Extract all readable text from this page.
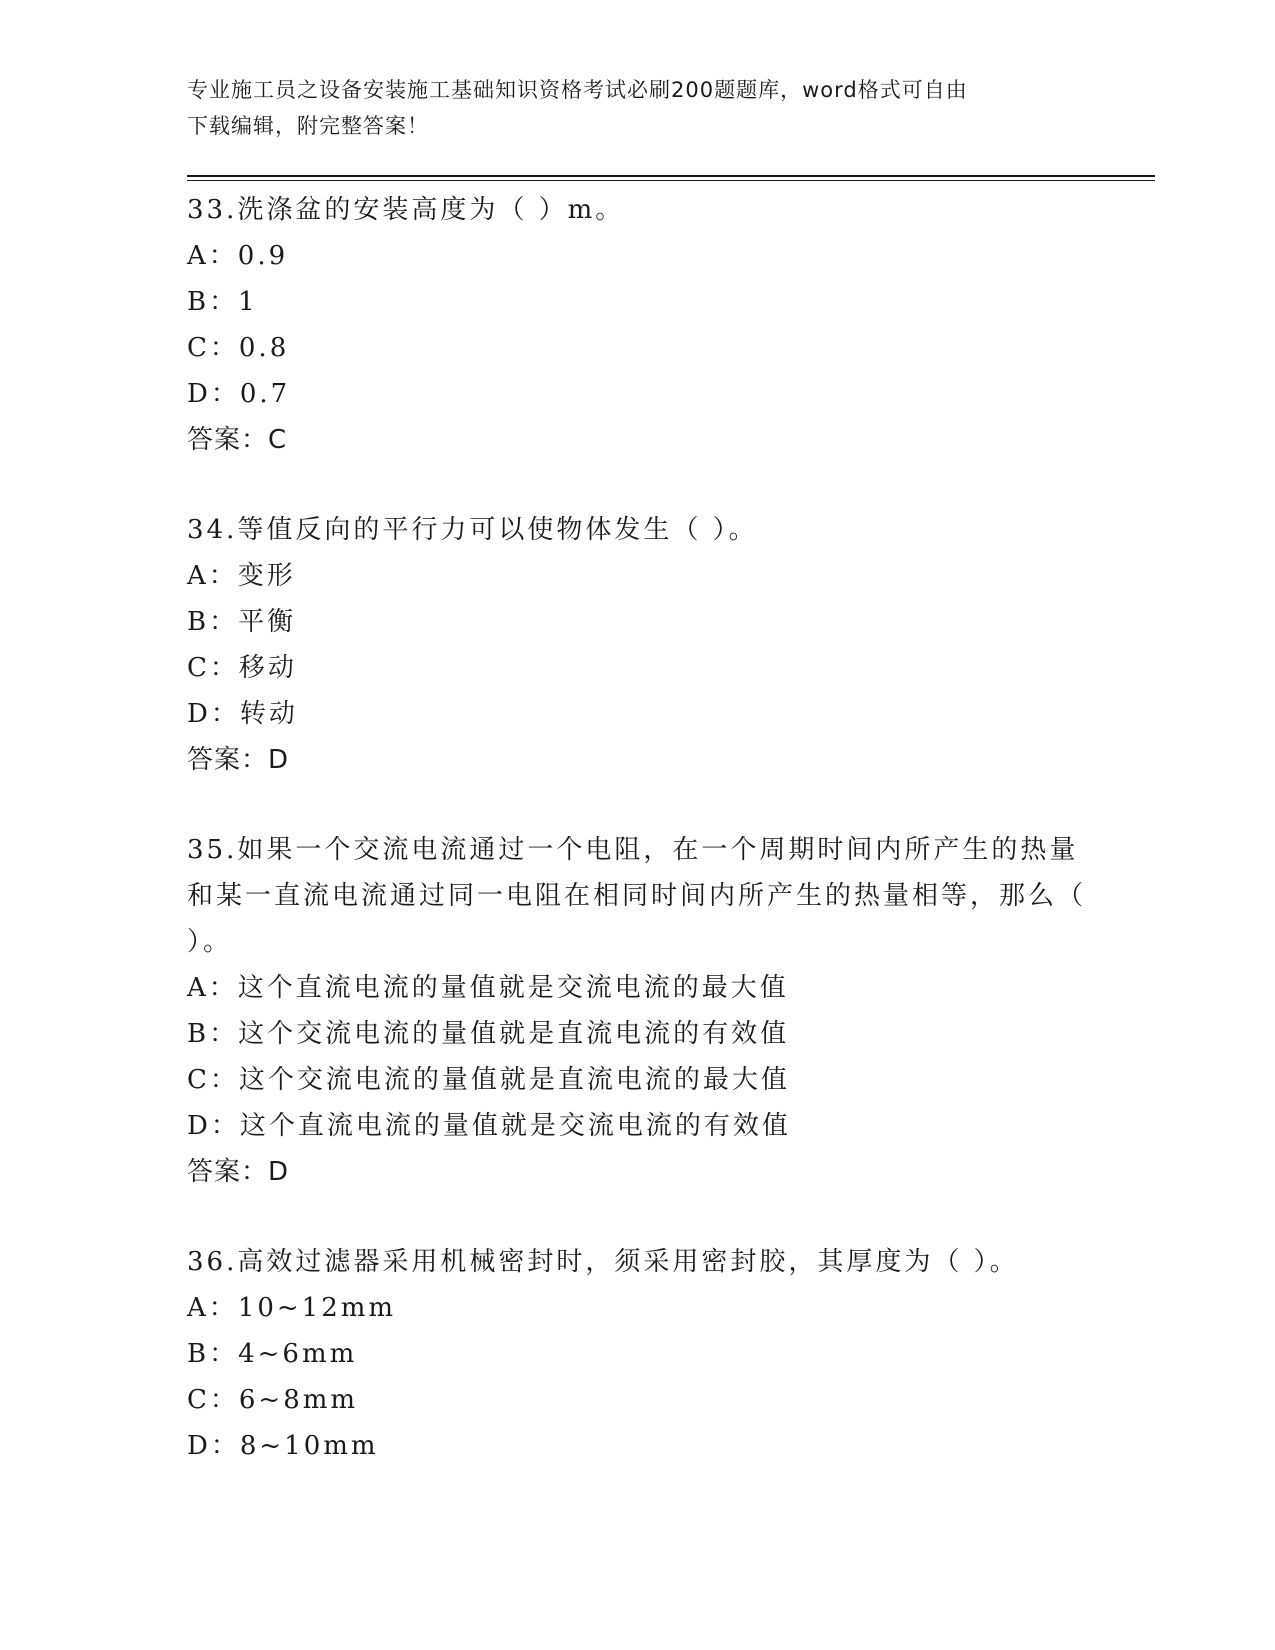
专业施工员之设备安装施工基础知识资格考试必刷200题题库，word格式可自由
下载编辑，附完整答案！
33.洗涤盆的安装高度为（ ）m。
A：0.9
B：1
C：0.8
D：0.7
答案：C
34.等值反向的平行力可以使物体发生（ ）。
A：变形
B：平衡
C：移动
D：转动
答案：D
35.如果一个交流电流通过一个电阻，在一个周期时间内所产生的热量和某一直流电流通过同一电阻在相同时间内所产生的热量相等，那么（ ）。
A：这个直流电流的量值就是交流电流的最大值
B：这个交流电流的量值就是直流电流的有效值
C：这个交流电流的量值就是直流电流的最大值
D：这个直流电流的量值就是交流电流的有效值
答案：D
36.高效过滤器采用机械密封时，须采用密封胶，其厚度为（ ）。
A：10~12mm
B：4~6mm
C：6~8mm
D：8~10mm
